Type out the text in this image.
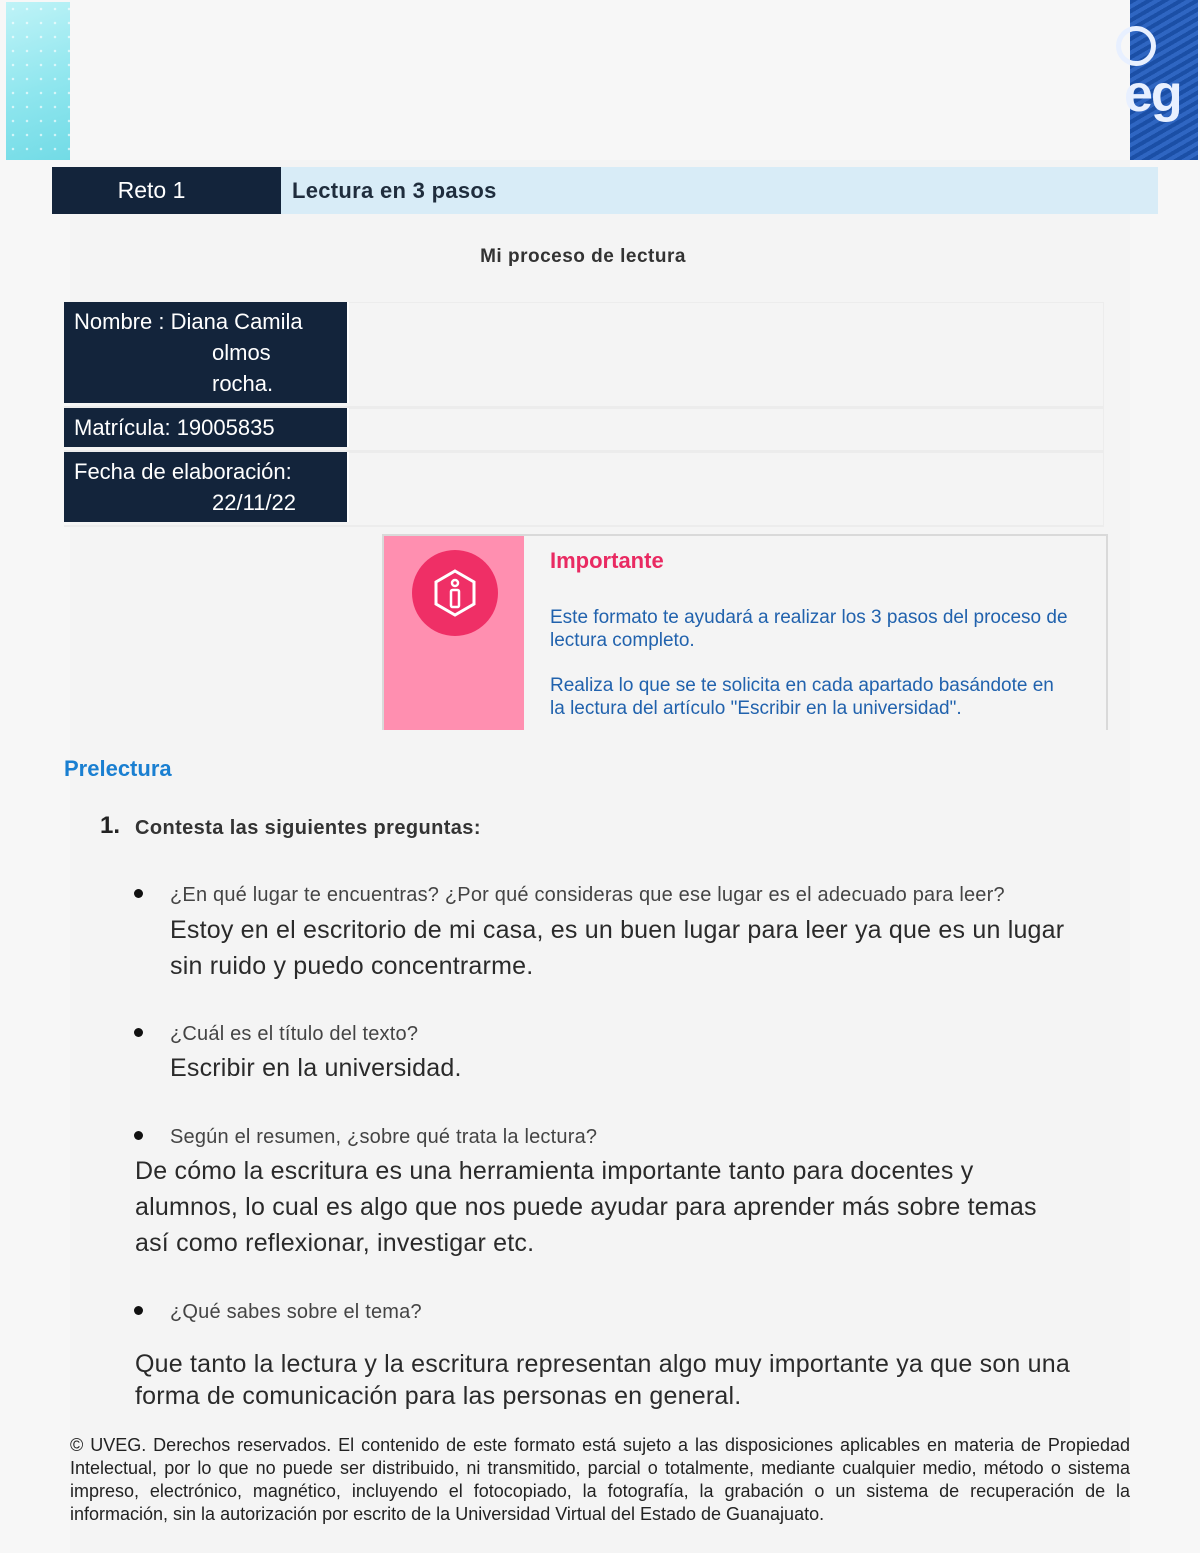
eg
Reto 1	Lectura en 3 pasos
Mi proceso de lectura
Nombre : Diana Camila
olmos
rocha.
Matrícula: 19005835
Fecha de elaboración:
22/11/22
Importante
Este formato te ayudará a realizar los 3 pasos del proceso de lectura completo.
Realiza lo que se te solicita en cada apartado basándote en la lectura del artículo "Escribir en la universidad".
Prelectura
1. Contesta las siguientes preguntas:
¿En qué lugar te encuentras? ¿Por qué consideras que ese lugar es el adecuado para leer?
Estoy en el escritorio de mi casa, es un buen lugar para leer ya que es un lugar
sin ruido y puedo concentrarme.
¿Cuál es el título del texto?
Escribir en la universidad.
Según el resumen, ¿sobre qué trata la lectura?
De cómo la escritura es una herramienta importante tanto para docentes y
alumnos, lo cual es algo que nos puede ayudar para aprender más sobre temas
así como reflexionar, investigar etc.
¿Qué sabes sobre el tema?
Que tanto la lectura y la escritura representan algo muy importante ya que son una
forma de comunicación para las personas en general.
© UVEG. Derechos reservados. El contenido de este formato está sujeto a las disposiciones aplicables en materia de Propiedad Intelectual, por lo que no puede ser distribuido, ni transmitido, parcial o totalmente, mediante cualquier medio, método o sistema impreso, electrónico, magnético, incluyendo el fotocopiado, la fotografía, la grabación o un sistema de recuperación de la información, sin la autorización por escrito de la Universidad Virtual del Estado de Guanajuato.
